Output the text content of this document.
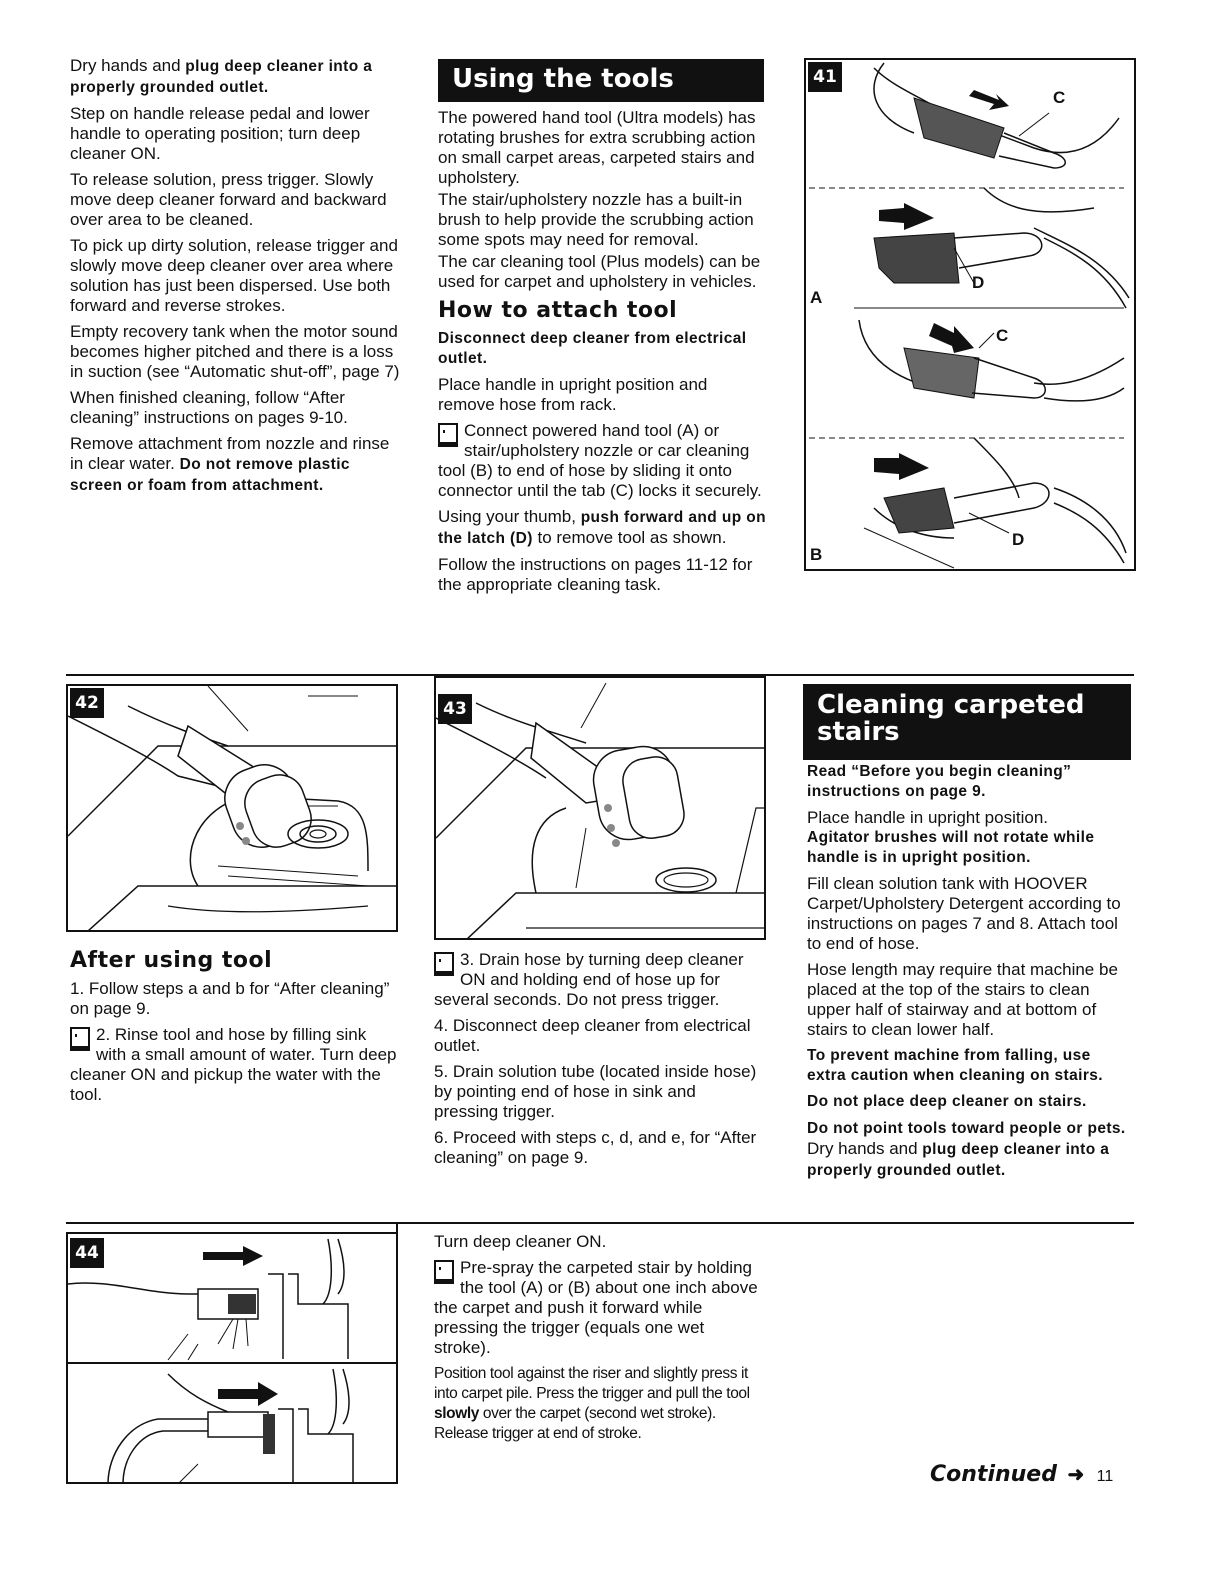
Dry hands and plug deep cleaner into a properly grounded outlet.

Step on handle release pedal and lower handle to operating position; turn deep cleaner ON.

To release solution, press trigger. Slowly move deep cleaner forward and backward over area to be cleaned.

To pick up dirty solution, release trigger and slowly move deep cleaner over area where solution has just been dispersed. Use both forward and reverse strokes.

Empty recovery tank when the motor sound becomes higher pitched and there is a loss in suction (see “Automatic shut-off”, page 7)

When finished cleaning, follow “After cleaning” instructions on pages 9-10.

Remove attachment from nozzle and rinse in clear water. Do not remove plastic screen or foam from attachment.

Using the tools

The powered hand tool (Ultra models) has rotating brushes for extra scrubbing action on small carpet areas, carpeted stairs and upholstery.

The stair/upholstery nozzle has a built-in brush to help provide the scrubbing action some spots may need for removal.

The car cleaning tool (Plus models) can be used for carpet and upholstery in vehicles.

How to attach tool

Disconnect deep cleaner from electrical outlet.

Place handle in upright position and remove hose from rack.

Connect powered hand tool (A) or stair/upholstery nozzle or car cleaning tool (B) to end of hose by sliding it onto connector until the tab (C) locks it securely.

Using your thumb, push forward and up on the latch (D) to remove tool as shown.

Follow the instructions on pages 11-12 for the appropriate cleaning task.

41
C
A
D
C
D
B
42
After using tool

1. Follow steps a and b for “After cleaning” on page 9.

2. Rinse tool and hose by filling sink with a small amount of water. Turn deep cleaner ON and pickup the water with the tool.

43

3. Drain hose by turning deep cleaner ON and holding end of hose up for several seconds. Do not press trigger.

4. Disconnect deep cleaner from electrical outlet.

5. Drain solution tube (located inside hose) by pointing end of hose in sink and pressing trigger.

6. Proceed with steps c, d, and e, for “After cleaning” on page 9.

Cleaning carpeted
stairs

Read “Before you begin cleaning” instructions on page 9.

Place handle in upright position.

Agitator brushes will not rotate while handle is in upright position.

Fill clean solution tank with HOOVER Carpet/Upholstery Detergent according to instructions on pages 7 and 8. Attach tool to end of hose.

Hose length may require that machine be placed at the top of the stairs to clean upper half of stairway and at bottom of stairs to clean lower half.

To prevent machine from falling, use extra caution when cleaning on stairs.

Do not place deep cleaner on stairs.

Do not point tools toward people or pets. Dry hands and plug deep cleaner into a properly grounded outlet.

44

Turn deep cleaner ON.

Pre-spray the carpeted stair by holding the tool (A) or (B) about one inch above the carpet and push it forward while pressing the trigger (equals one wet stroke).

Position tool against the riser and slightly press it into carpet pile. Press the trigger and pull the tool slowly over the carpet (second wet stroke). Release trigger at end of stroke.

Continued ➜ 11
